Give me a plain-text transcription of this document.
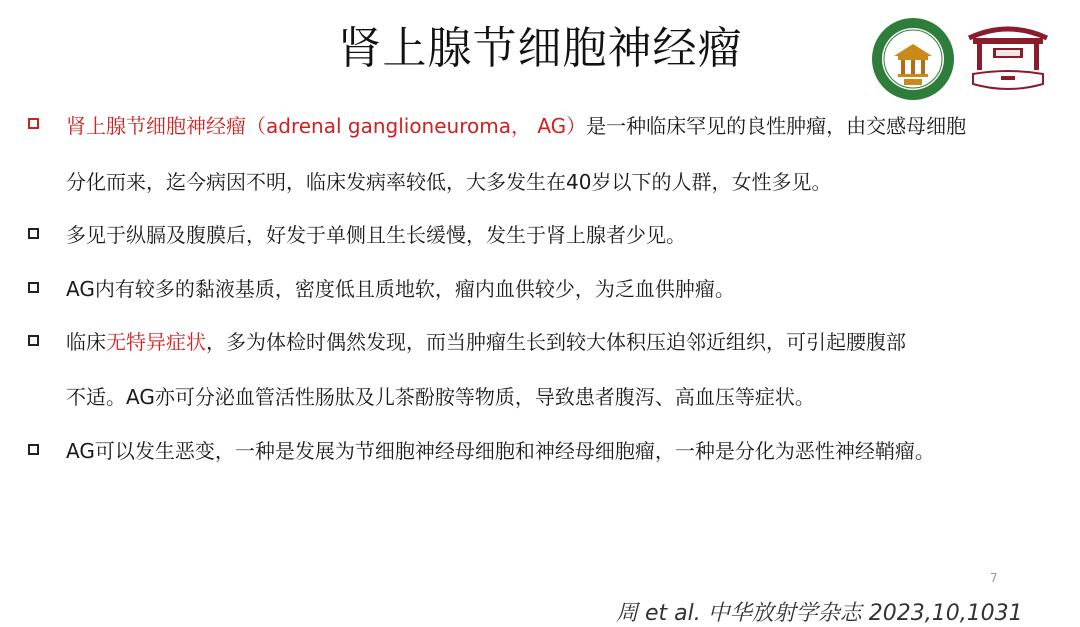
肾上腺节细胞神经瘤
肾上腺节细胞神经瘤（adrenal ganglioneuroma， AG）是一种临床罕见的良性肿瘤，由交感母细胞
分化而来，迄今病因不明，临床发病率较低，大多发生在40岁以下的人群，女性多见。
多见于纵膈及腹膜后，好发于单侧且生长缓慢，发生于肾上腺者少见。
AG内有较多的黏液基质，密度低且质地软，瘤内血供较少，为乏血供肿瘤。
临床无特异症状，多为体检时偶然发现，而当肿瘤生长到较大体积压迫邻近组织，可引起腰腹部
不适。AG亦可分泌血管活性肠肽及儿茶酚胺等物质，导致患者腹泻、高血压等症状。
AG可以发生恶变，一种是发展为节细胞神经母细胞和神经母细胞瘤，一种是分化为恶性神经鞘瘤。
7
周 et al. 中华放射学杂志 2023,10,1031
